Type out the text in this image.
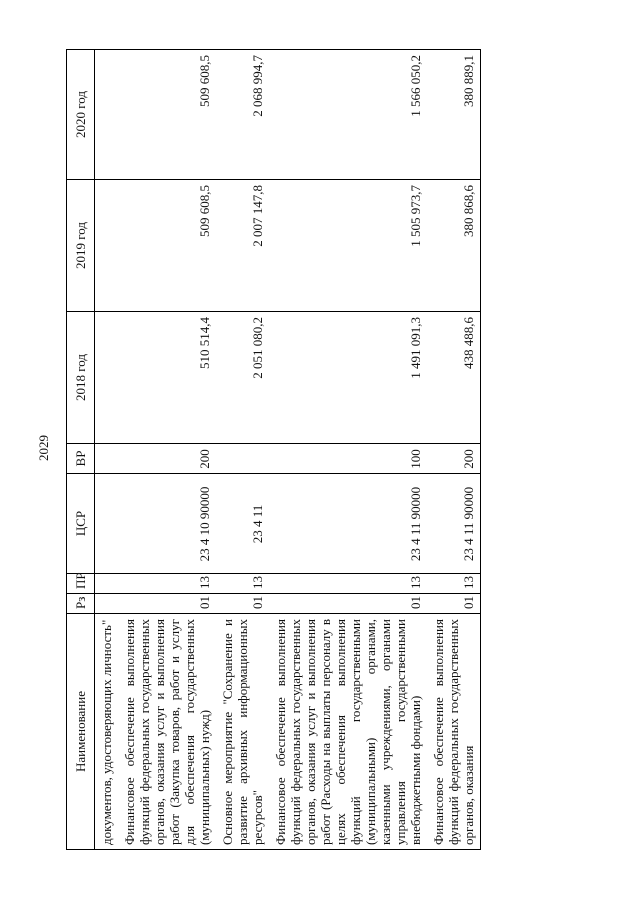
2029
Наименование	Рз	ПР	ЦСР	ВР	2018 год	2019 год	2020 год
документов, удостоверяющих личность"							
Финансовое обеспечение выполнения функций федеральных государственных органов, оказания услуг и выполнения работ (Закупка товаров, работ и услуг для обеспечения государственных (муниципальных) нужд)	01	13	23 4 10 90000	200	510 514,4	509 608,5	509 608,5
Основное мероприятие "Сохранение и развитие архивных информационных ресурсов"	01	13	23 4 11		2 051 080,2	2 007 147,8	2 068 994,7
Финансовое обеспечение выполнения функций федеральных государственных органов, оказания услуг и выполнения работ (Расходы на выплаты персоналу в целях обеспечения выполнения функций государственными (муниципальными) органами, казенными учреждениями, органами управления государственными внебюджетными фондами)	01	13	23 4 11 90000	100	1 491 091,3	1 505 973,7	1 566 050,2
Финансовое обеспечение выполнения функций федеральных государственных органов, оказания	01	13	23 4 11 90000	200	438 488,6	380 868,6	380 889,1
